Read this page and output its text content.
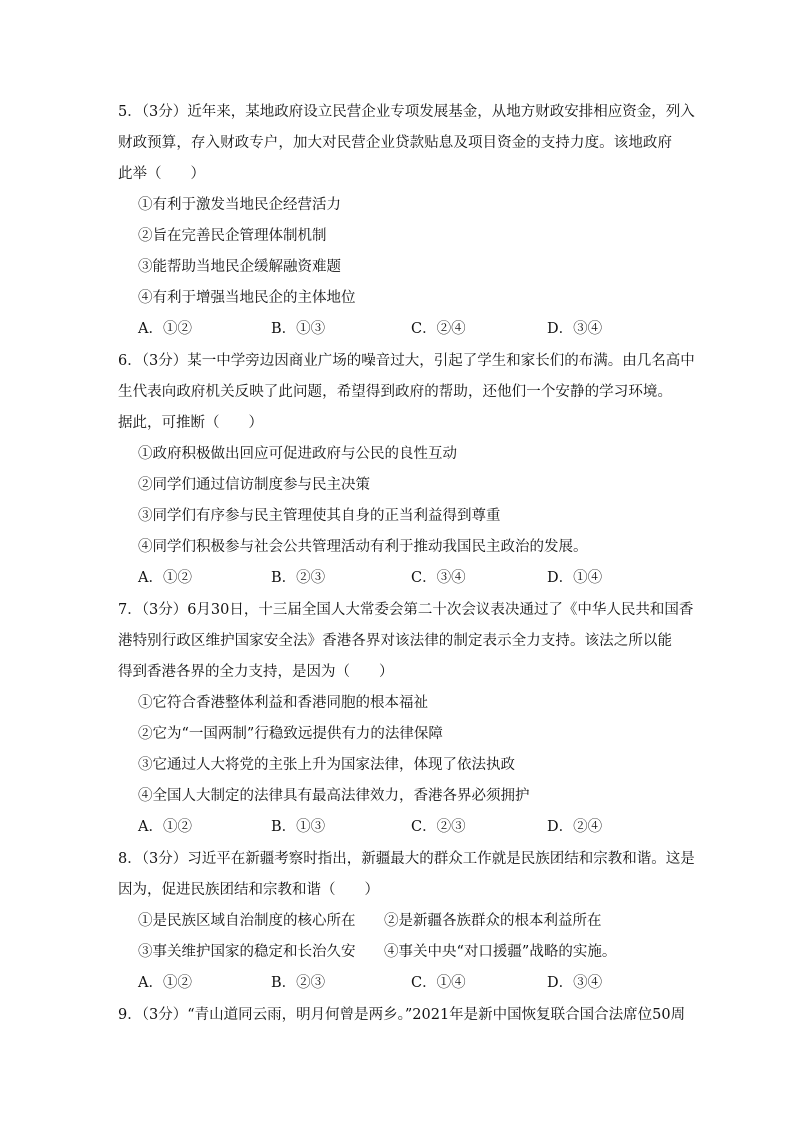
5．（3分）近年来，某地政府设立民营企业专项发展基金，从地方财政安排相应资金，列入
财政预算，存入财政专户，加大对民营企业贷款贴息及项目资金的支持力度。该地政府
此举（　　）
①有利于激发当地民企经营活力
②旨在完善民企管理体制机制
③能帮助当地民企缓解融资难题
④有利于增强当地民企的主体地位
A．①②	B．①③	C．②④	D．③④
6．（3分）某一中学旁边因商业广场的噪音过大，引起了学生和家长们的布满。由几名高中
生代表向政府机关反映了此问题，希望得到政府的帮助，还他们一个安静的学习环境。
据此，可推断（　　）
①政府积极做出回应可促进政府与公民的良性互动
②同学们通过信访制度参与民主决策
③同学们有序参与民主管理使其自身的正当利益得到尊重
④同学们积极参与社会公共管理活动有利于推动我国民主政治的发展。
A．①②	B．②③	C．③④	D．①④
7．（3分）6月30日，十三届全国人大常委会第二十次会议表决通过了《中华人民共和国香
港特别行政区维护国家安全法》香港各界对该法律的制定表示全力支持。该法之所以能
得到香港各界的全力支持，是因为（　　）
①它符合香港整体利益和香港同胞的根本福祉
②它为“一国两制”行稳致远提供有力的法律保障
③它通过人大将党的主张上升为国家法律，体现了依法执政
④全国人大制定的法律具有最高法律效力，香港各界必须拥护
A．①②	B．①③	C．②③	D．②④
8．（3分）习近平在新疆考察时指出，新疆最大的群众工作就是民族团结和宗教和谐。这是
因为，促进民族团结和宗教和谐（　　）
①是民族区域自治制度的核心所在 ②是新疆各族群众的根本利益所在
③事关维护国家的稳定和长治久安 ④事关中央“对口援疆”战略的实施。
A．①②	B．②③	C．①④	D．③④
9．（3分）“青山道同云雨，明月何曾是两乡。”2021年是新中国恢复联合国合法席位50周
